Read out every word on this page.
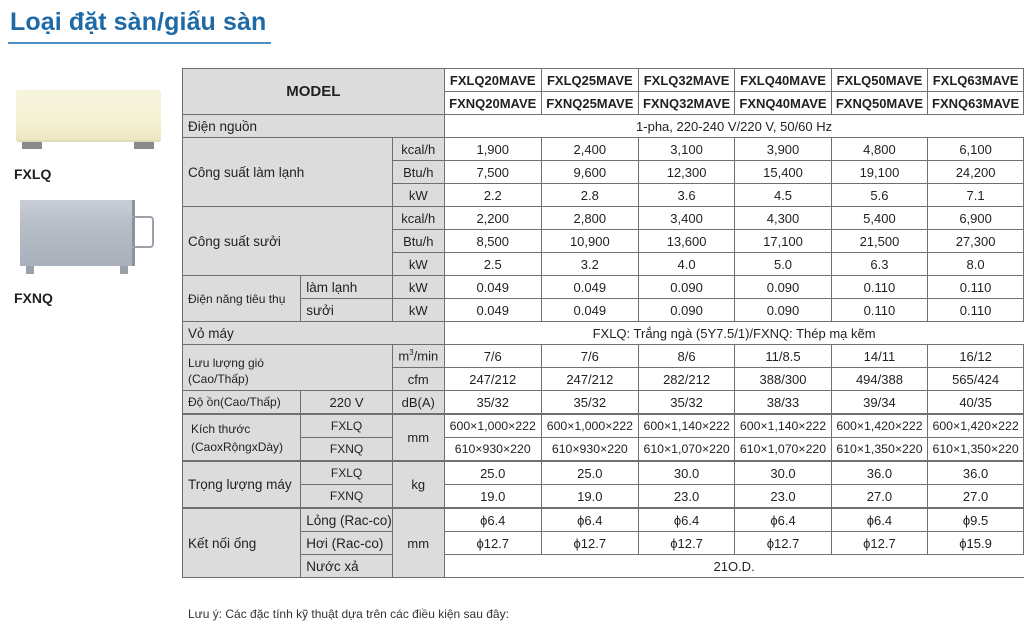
Loại đặt sàn/giấu sàn
FXLQ
FXNQ
MODEL			FXLQ20MAVE	FXLQ25MAVE	FXLQ32MAVE	FXLQ40MAVE	FXLQ50MAVE	FXLQ63MAVE
			FXNQ20MAVE	FXNQ25MAVE	FXNQ32MAVE	FXNQ40MAVE	FXNQ50MAVE	FXNQ63MAVE
Điện nguồn			1-pha, 220-240 V/220 V, 50/60 Hz					
Công suất làm lạnh		kcal/h	1,900	2,400	3,100	3,900	4,800	6,100
		Btu/h	7,500	9,600	12,300	15,400	19,100	24,200
		kW	2.2	2.8	3.6	4.5	5.6	7.1
Công suất sưởi		kcal/h	2,200	2,800	3,400	4,300	5,400	6,900
		Btu/h	8,500	10,900	13,600	17,100	21,500	27,300
		kW	2.5	3.2	4.0	5.0	6.3	8.0
Điện năng tiêu thụ	làm lạnh	kW	0.049	0.049	0.090	0.090	0.110	0.110
	sưởi	kW	0.049	0.049	0.090	0.090	0.110	0.110
Vỏ máy			FXLQ: Trắng ngà (5Y7.5/1)/FXNQ: Thép mạ kẽm					
Lưu lượng gió
(Cao/Thấp)		$m^3/\min$	7/6	7/6	8/6	11/8.5	14/11	16/12
		cfm	247/212	247/212	282/212	388/300	494/388	565/424
Độ ồn(Cao/Thấp)	220 V	dB(A)	35/32	35/32	35/32	38/33	39/34	40/35
Kích thước
(CaoxRộngxDày)	FXLQ	mm	600×1,000×222	600×1,000×222	600×1,140×222	600×1,140×222	600×1,420×222	600×1,420×222
	FXNQ		610×930×220	610×930×220	610×1,070×220	610×1,070×220	610×1,350×220	610×1,350×220
Trọng lượng máy	FXLQ	kg	25.0	25.0	30.0	30.0	36.0	36.0
	FXNQ		19.0	19.0	23.0	23.0	27.0	27.0
Kết nối ống	Lỏng (Rac-co)	mm	ϕ6.4	ϕ6.4	ϕ6.4	ϕ6.4	ϕ6.4	ϕ9.5
	Hơi (Rac-co)		ϕ12.7	ϕ12.7	ϕ12.7	ϕ12.7	ϕ12.7	ϕ15.9
	Nước xả		21O.D.					
Lưu ý: Các đặc tính kỹ thuật dựa trên các điều kiện sau đây:
